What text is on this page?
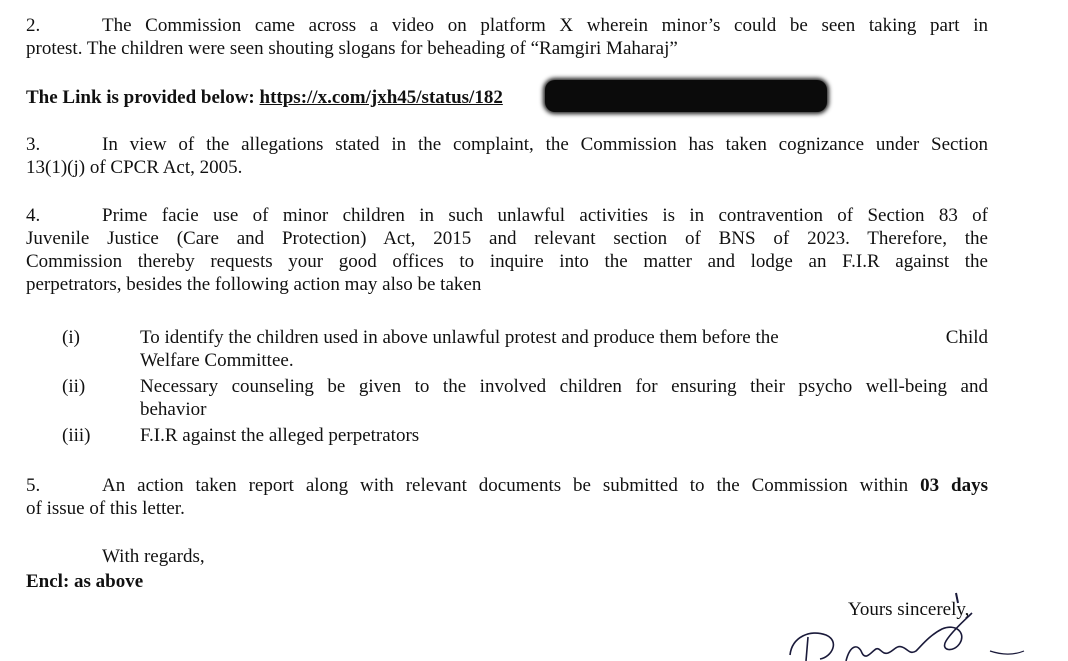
2.	The Commission came across a video on platform X wherein minor’s could be seen taking part in
protest. The children were seen shouting slogans for beheading of “Ramgiri Maharaj”
The Link is provided below: https://x.com/jxh45/status/182
3.	In view of the allegations stated in the complaint, the Commission has taken cognizance under Section
13(1)(j) of CPCR Act, 2005.
4.	Prime facie use of minor children in such unlawful activities is in contravention of Section 83 of
Juvenile Justice (Care and Protection) Act, 2015 and relevant section of BNS of 2023. Therefore, the
Commission thereby requests your good offices to inquire into the matter and lodge an F.I.R against the
perpetrators, besides the following action may also be taken
(i)	To identify the children used in above unlawful protest and produce them before the	Child
Welfare Committee.
(ii)	Necessary counseling be given to the involved children for ensuring their psycho well-being and
behavior
(iii)	F.I.R against the alleged perpetrators
5.	An action taken report along with relevant documents be submitted to the Commission within 03 days
of issue of this letter.
With regards,
Encl: as above
Yours sincerely,
